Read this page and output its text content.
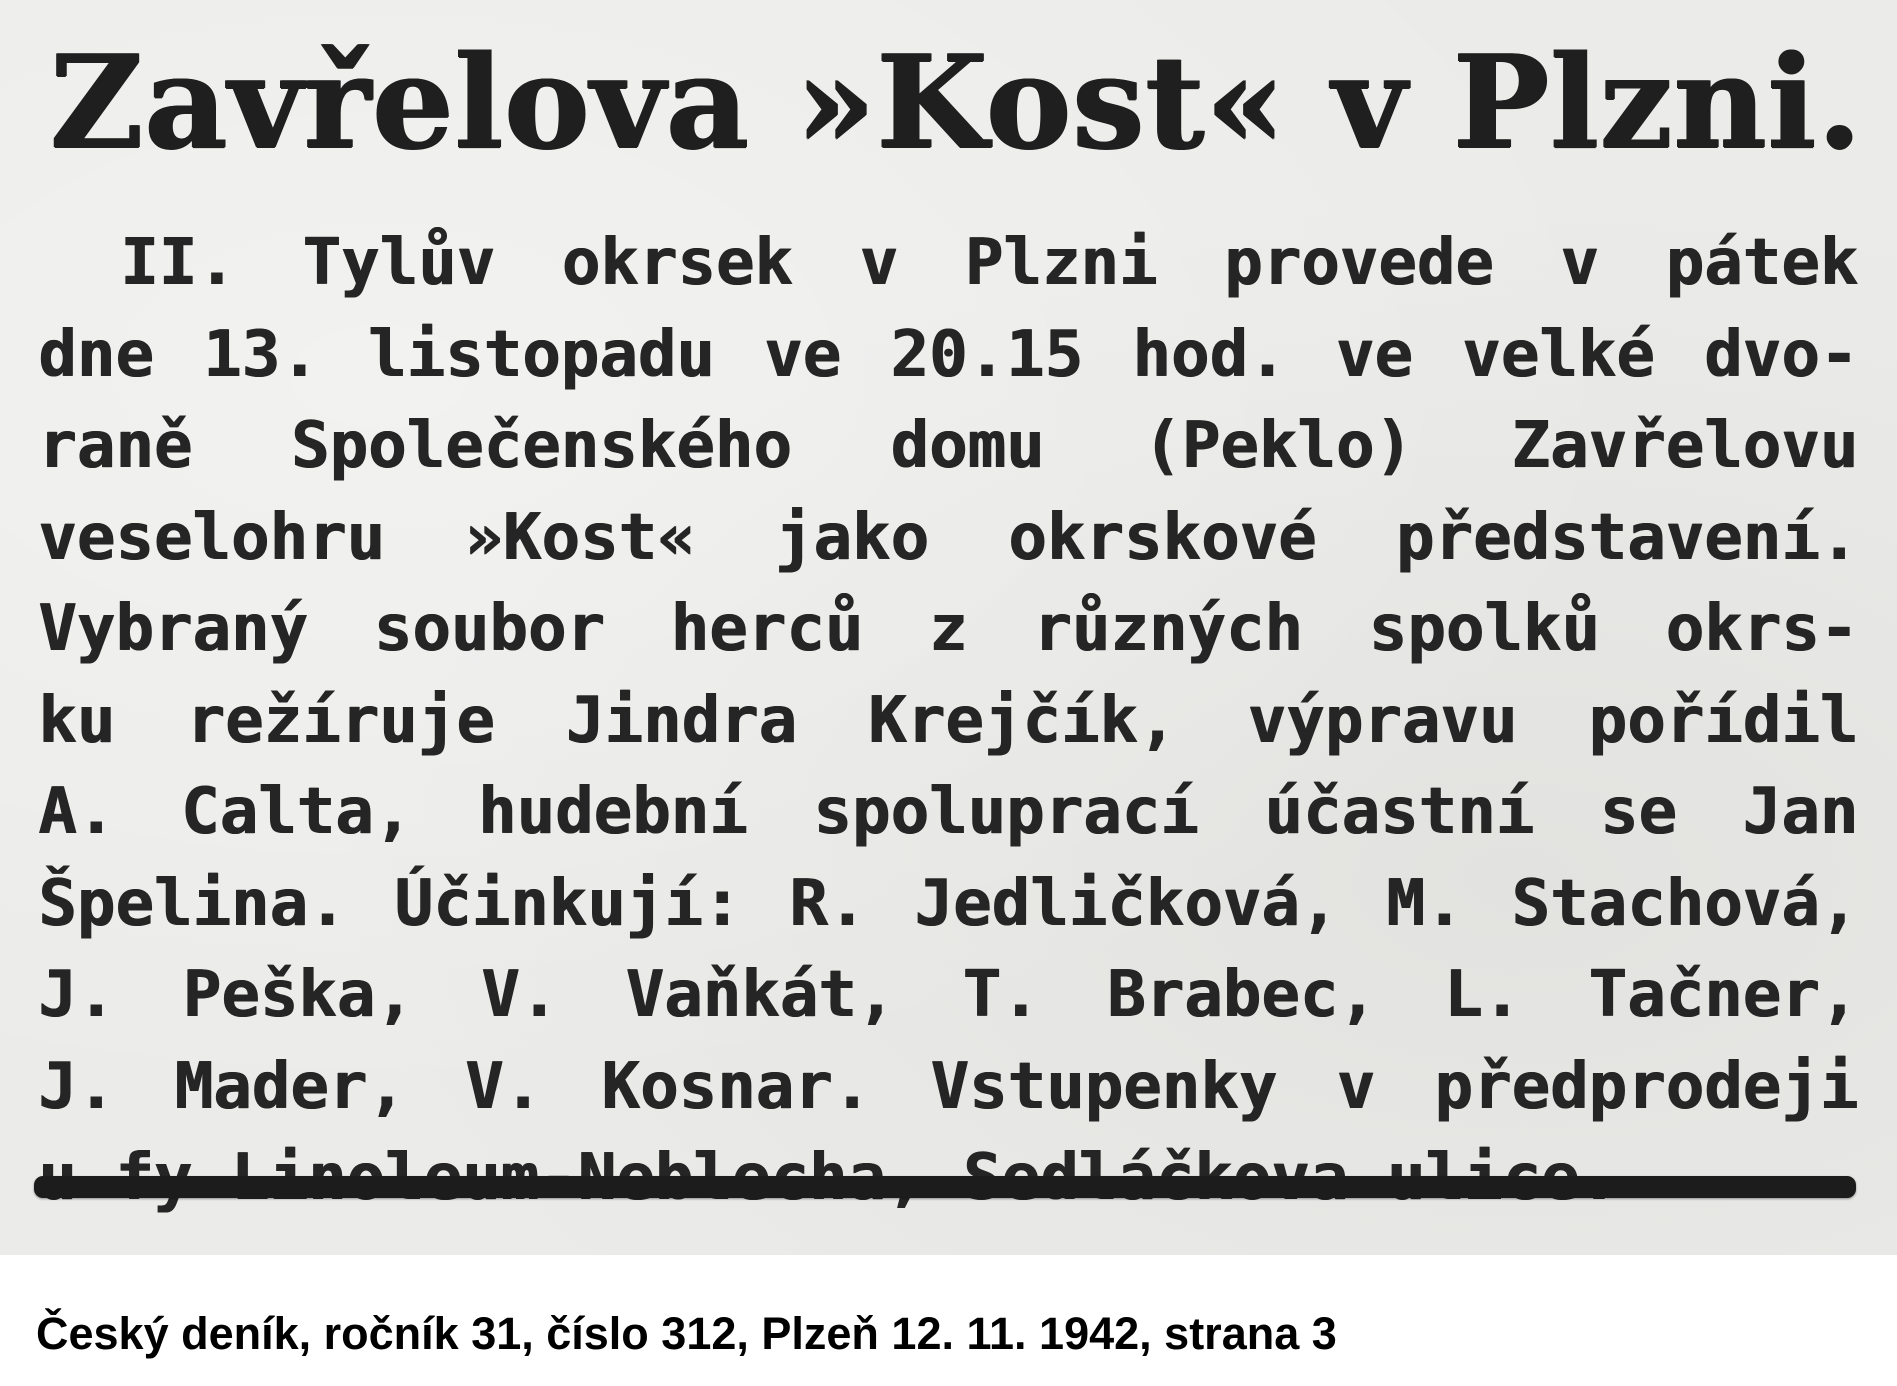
Zavřelova »Kost« v Plzni.
II. Tylův okrsek v Plzni provede v pátek
dne 13. listopadu ve 20.15 hod. ve velké dvo-
raně Společenského domu (Peklo) Zavřelovu
veselohru »Kost« jako okrskové představení.
Vybraný soubor herců z různých spolků okrs-
ku režíruje Jindra Krejčík, výpravu pořídil
A. Calta, hudební spoluprací účastní se Jan
Špelina. Účinkují: R. Jedličková, M. Stachová,
J. Peška, V. Vaňkát, T. Brabec, L. Tačner,
J. Mader, V. Kosnar. Vstupenky v předprodeji

Český deník, ročník 31, číslo 312, Plzeň 12. 11. 1942, strana 3
